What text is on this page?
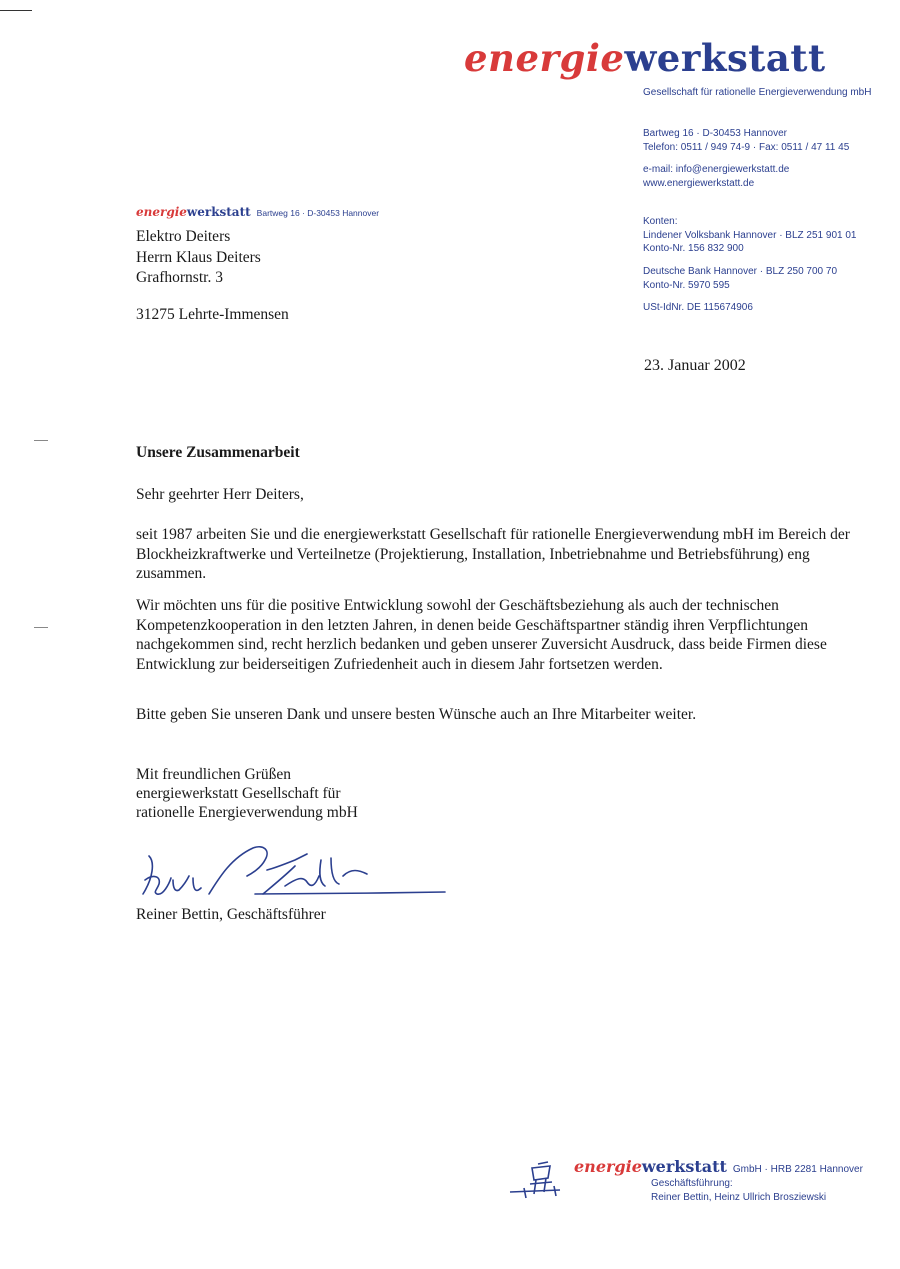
energiewerkstatt
Gesellschaft für rationelle Energieverwendung mbH
Bartweg 16 · D-30453 Hannover
Telefon: 0511 / 949 74-9 · Fax: 0511 / 47 11 45
e-mail: info@energiewerkstatt.de
www.energiewerkstatt.de
Konten:
Lindener Volksbank Hannover · BLZ 251 901 01
Konto-Nr. 156 832 900
Deutsche Bank Hannover · BLZ 250 700 70
Konto-Nr. 5970 595
USt-IdNr. DE 115674906
energiewerkstatt Bartweg 16 · D-30453 Hannover
Elektro Deiters
Herrn Klaus Deiters
Grafhornstr. 3
31275 Lehrte-Immensen
23. Januar 2002
Unsere Zusammenarbeit
Sehr geehrter Herr Deiters,
seit 1987 arbeiten Sie und die energiewerkstatt Gesellschaft für rationelle Energieverwendung mbH im Bereich der Blockheizkraftwerke und Verteilnetze (Projektierung, Installation, Inbetriebnahme und Betriebsführung) eng zusammen.
Wir möchten uns für die positive Entwicklung sowohl der Geschäftsbeziehung als auch der technischen Kompetenzkooperation in den letzten Jahren, in denen beide Geschäftspartner ständig ihren Verpflichtungen nachgekommen sind, recht herzlich bedanken und geben unserer Zuversicht Ausdruck, dass beide Firmen diese Entwicklung zur beiderseitigen Zufriedenheit auch in diesem Jahr fortsetzen werden.
Bitte geben Sie unseren Dank und unsere besten Wünsche auch an Ihre Mitarbeiter weiter.
Mit freundlichen Grüßen
energiewerkstatt Gesellschaft für
rationelle Energieverwendung mbH
Reiner Bettin, Geschäftsführer
energiewerkstatt GmbH · HRB 2281 Hannover
Geschäftsführung:
Reiner Bettin, Heinz Ullrich Brosziewski
